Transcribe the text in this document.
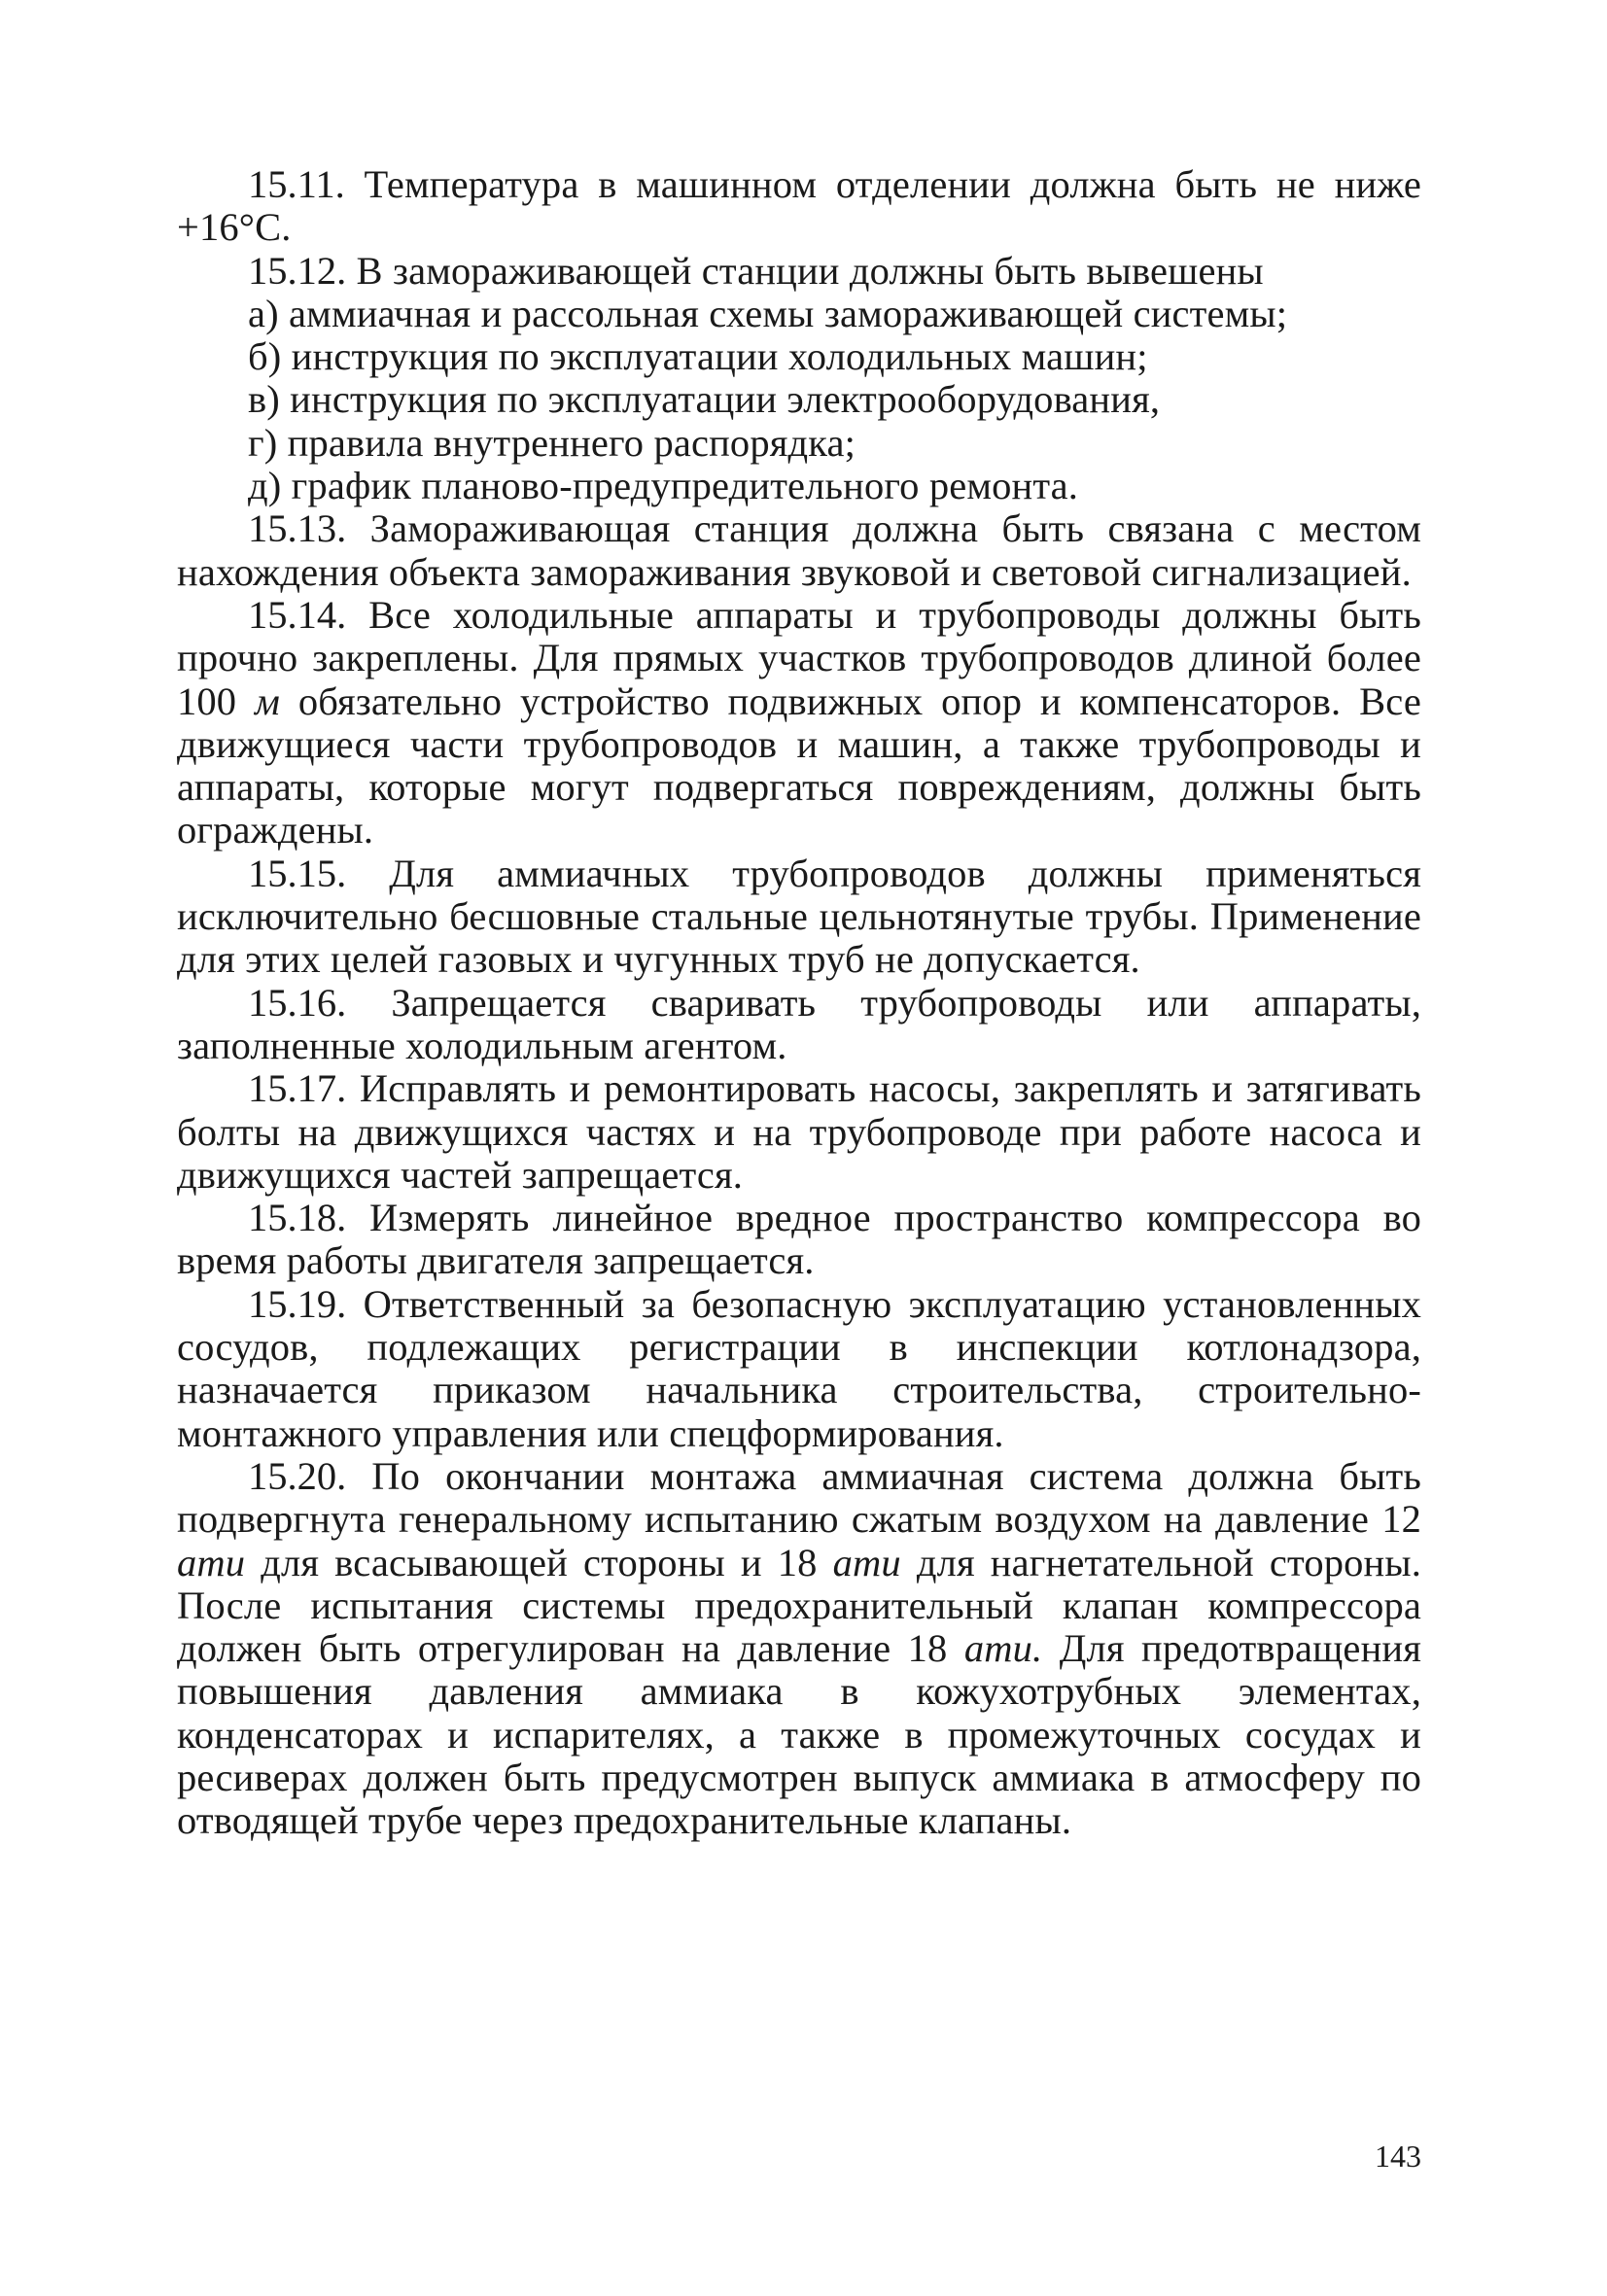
15.11. Температура в машинном отделении должна быть не ниже +16°С.

15.12. В замораживающей станции должны быть вывешены

а) аммиачная и рассольная схемы замораживающей системы;

б) инструкция по эксплуатации холодильных машин;

в) инструкция по эксплуатации электрооборудования,

г) правила внутреннего распорядка;

д) график планово-предупредительного ремонта.

15.13. Замораживающая станция должна быть связана с местом нахождения объекта замораживания звуковой и световой сигнализацией.

15.14. Все холодильные аппараты и трубопроводы должны быть прочно закреплены. Для прямых участков трубопроводов длиной более 100 м обязательно устройство подвижных опор и компенсаторов. Все движущиеся части трубопроводов и машин, а также трубопроводы и аппараты, которые могут подвергаться повреждениям, должны быть ограждены.

15.15. Для аммиачных трубопроводов должны применяться исключительно бесшовные стальные цельнотянутые трубы. Применение для этих целей газовых и чугунных труб не допускается.

15.16. Запрещается сваривать трубопроводы или аппараты, заполненные холодильным агентом.

15.17. Исправлять и ремонтировать насосы, закреплять и затягивать болты на движущихся частях и на трубопроводе при работе насоса и движущихся частей запрещается.

15.18. Измерять линейное вредное пространство компрессора во время работы двигателя запрещается.

15.19. Ответственный за безопасную эксплуатацию установленных сосудов, подлежащих регистрации в инспекции котлонадзора, назначается приказом начальника строительства, строительно-монтажного управления или спецформирования.

15.20. По окончании монтажа аммиачная система должна быть подвергнута генеральному испытанию сжатым воздухом на давление 12 ати для всасывающей стороны и 18 ати для нагнетательной стороны. После испытания системы предохранительный клапан компрессора должен быть отрегулирован на давление 18 ати. Для предотвращения повышения давления аммиака в кожухотрубных элементах, конденсаторах и испарителях, а также в промежуточных сосудах и ресиверах должен быть предусмотрен выпуск аммиака в атмосферу по отводящей трубе через предохранительные клапаны.

143
